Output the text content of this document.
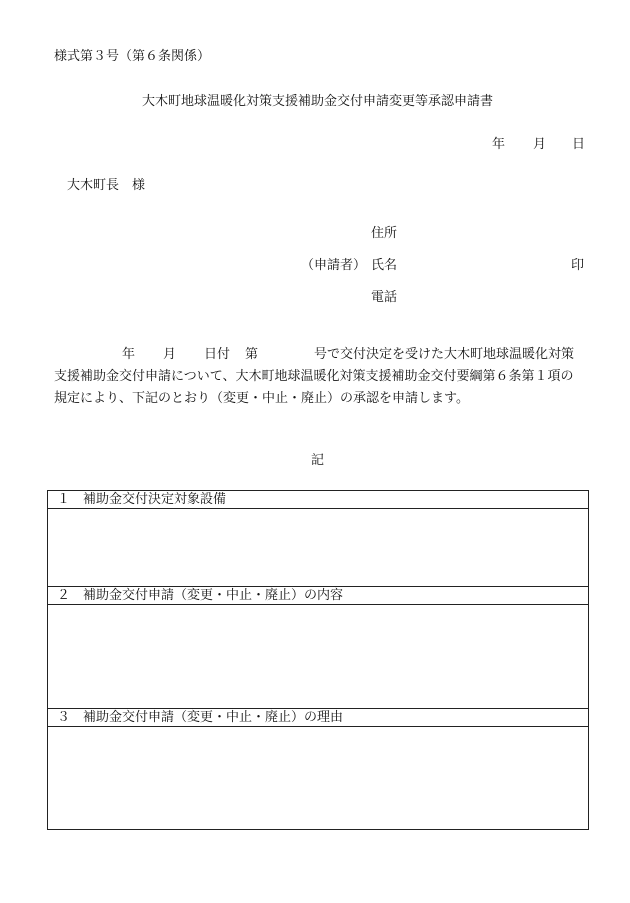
様式第３号（第６条関係）
大木町地球温暖化対策支援補助金交付申請変更等承認申請書
年 月 日
大木町長　様
住所
（申請者） 氏名	印
電話
年 月 日付 第	号で交付決定を受けた大木町地球温暖化対策
支援補助金交付申請について、大木町地球温暖化対策支援補助金交付要綱第６条第１項の
規定により、下記のとおり（変更・中止・廃止）の承認を申請します。
記
１　補助金交付決定対象設備
２　補助金交付申請（変更・中止・廃止）の内容
３　補助金交付申請（変更・中止・廃止）の理由
